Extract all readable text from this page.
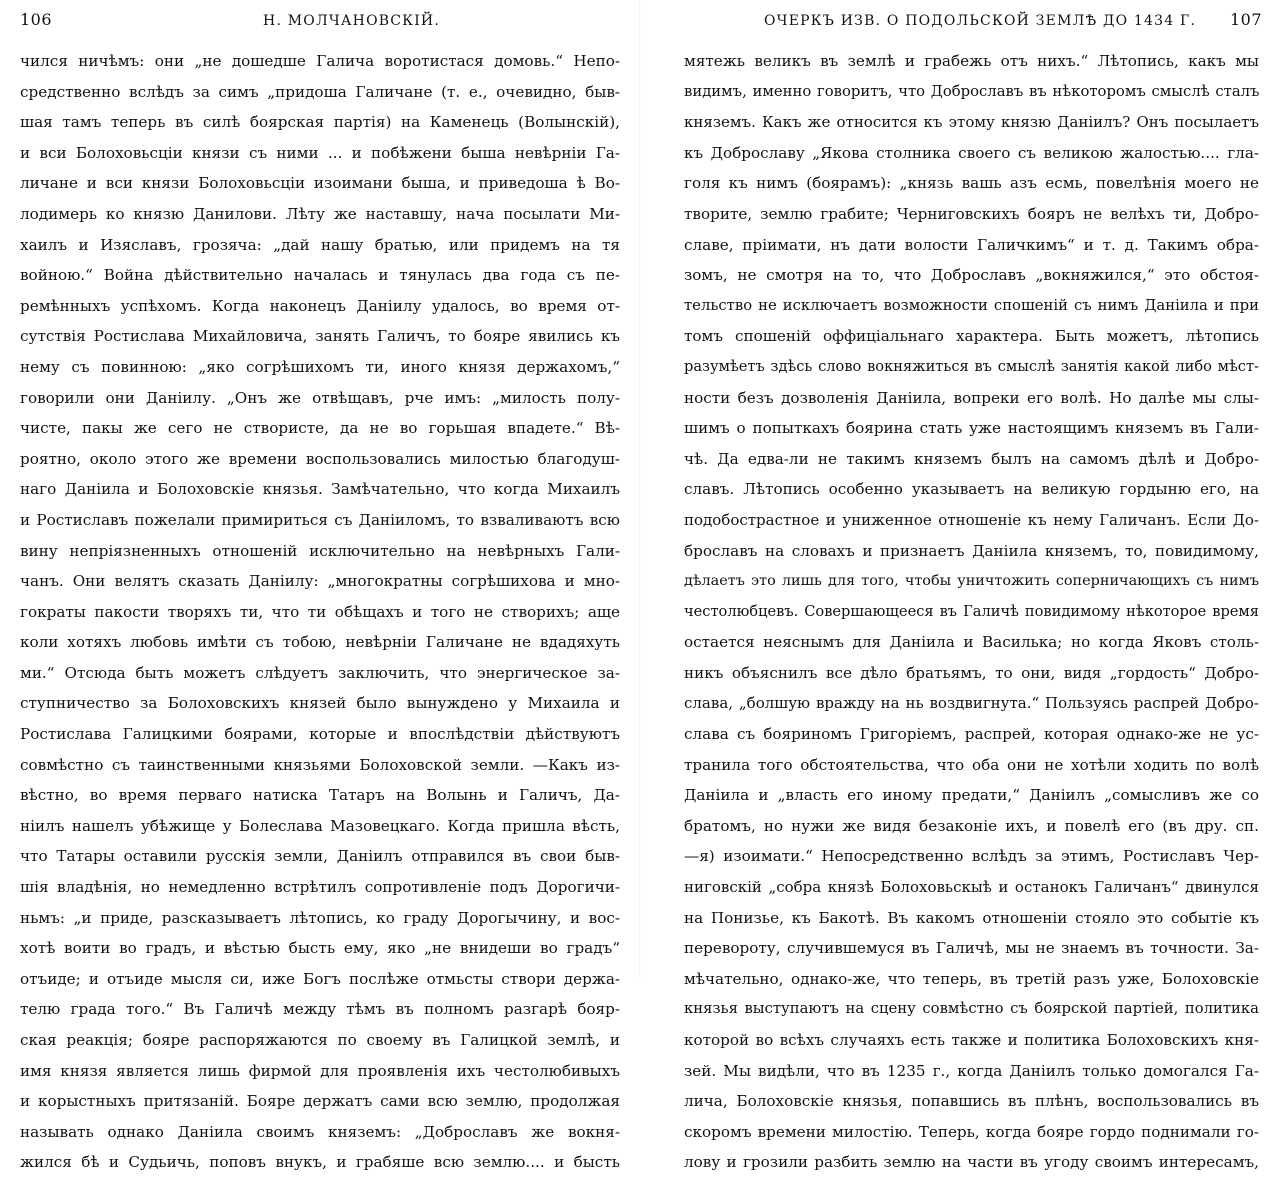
106	Н. МОЛЧАНОВСКІЙ.
чился ничѣмъ: они „не дошедше Галича воротистася домовь.“ Непо-
средственно вслѣдъ за симъ „придоша Галичане (т. е., очевидно, быв-
шая тамъ теперь въ силѣ боярская партія) на Каменець (Волынскій),
и вси Болоховьсціи князи съ ними ... и побѣжени быша невѣрніи Га-
личане и вси князи Болоховьсціи изоимани быша, и приведоша ѣ Во-
лодимерь ко князю Данилови. Лѣту же наставшу, нача посылати Ми-
хаилъ и Изяславъ, грозяча: „дай нашу братью, или придемъ на тя
войною.“ Война дѣйствительно началась и тянулась два года съ пе-
ремѣнныхъ успѣхомъ. Когда наконецъ Даніилу удалось, во время от-
сутствія Ростислава Михайловича, занять Галичъ, то бояре явились къ
нему съ повинною: „яко согрѣшихомъ ти, иного князя держахомъ,“
говорили они Даніилу. „Онъ же отвѣщавъ, рче имъ: „милость полу-
чисте, пакы же сего не створисте, да не во горьшая впадете.“ Вѣ-
роятно, около этого же времени воспользовались милостью благодуш-
наго Даніила и Болоховскіе князья. Замѣчательно, что когда Михаилъ
и Ростиславъ пожелали примириться съ Даніиломъ, то взваливаютъ всю
вину непріязненныхъ отношеній исключительно на невѣрныхъ Гали-
чанъ. Они велятъ сказать Даніилу: „многократны согрѣшихова и мно-
гократы пакости творяхъ ти, что ти обѣщахъ и того не створихъ; аще
коли хотяхъ любовь имѣти съ тобою, невѣрніи Галичане не вдадяхуть
ми.“ Отсюда быть можетъ слѣдуетъ заключить, что энергическое за-
ступничество за Болоховскихъ князей было вынуждено у Михаила и
Ростислава Галицкими боярами, которые и впослѣдствіи дѣйствуютъ
совмѣстно съ таинственными князьями Болоховской земли. —Какъ из-
вѣстно, во время перваго натиска Татаръ на Волынь и Галичъ, Да-
ніилъ нашелъ убѣжище у Болеслава Мазовецкаго. Когда пришла вѣсть,
что Татары оставили русскія земли, Даніилъ отправился въ свои быв-
шія владѣнія, но немедленно встрѣтилъ сопротивленіе подъ Дорогичи-
ньмъ: „и приде, разсказываетъ лѣтопись, ко граду Дорогычину, и вос-
хотѣ воити во градъ, и вѣстью бысть ему, яко „не внидеши во градъ“
отъиде; и отъиде мысля си, иже Богъ послѣже отмьсты створи держа-
телю града того.“ Въ Галичѣ между тѣмъ въ полномъ разгарѣ бояр-
ская реакція; бояре распоряжаются по своему въ Галицкой землѣ, и
имя князя является лишь фирмой для проявленія ихъ честолюбивыхъ
и корыстныхъ притязаній. Бояре держатъ сами всю землю, продолжая
называть однако Даніила своимъ княземъ: „Доброславъ же вокня-
жился бѣ и Судьичь, поповъ внукъ, и грабяше всю землю.... и бысть
ОЧЕРКЪ ИЗВ. О ПОДОЛЬСКОЙ ЗЕМЛѢ ДО 1434 Г. 107
мятежь великъ въ землѣ и грабежь отъ нихъ.“ Лѣтопись, какъ мы
видимъ, именно говоритъ, что Доброславъ въ нѣкоторомъ смыслѣ сталъ
княземъ. Какъ же относится къ этому князю Даніилъ? Онъ посылаетъ
къ Доброславу „Якова столника своего съ великою жалостью.... гла-
голя къ нимъ (боярамъ): „князь вашь азъ есмь, повелѣнія моего не
творите, землю грабите; Черниговскихъ бояръ не велѣхъ ти, Добро-
славе, пріимати, нъ дати волости Галичкимъ“ и т. д. Такимъ обра-
зомъ, не смотря на то, что Доброславъ „вокняжился,“ это обстоя-
тельство не исключаетъ возможности спошеній съ нимъ Даніила и при
томъ спошеній оффиціальнаго характера. Быть можетъ, лѣтопись
разумѣетъ здѣсь слово вокняжиться въ смыслѣ занятія какой либо мѣст-
ности безъ дозволенія Даніила, вопреки его волѣ. Но далѣе мы слы-
шимъ о попыткахъ боярина стать уже настоящимъ княземъ въ Гали-
чѣ. Да едва-ли не такимъ княземъ былъ на самомъ дѣлѣ и Добро-
славъ. Лѣтопись особенно указываетъ на великую гордыню его, на
подобострастное и униженное отношеніе къ нему Галичанъ. Если До-
брославъ на словахъ и признаетъ Даніила княземъ, то, повидимому,
дѣлаетъ это лишь для того, чтобы уничтожить соперничающихъ съ нимъ
честолюбцевъ. Совершающееся въ Галичѣ повидимому нѣкоторое время
остается неяснымъ для Даніила и Василька; но когда Яковъ столь-
никъ объяснилъ все дѣло братьямъ, то они, видя „гордость“ Добро-
слава, „болшую вражду на нь воздвигнута.“ Пользуясь распрей Добро-
слава съ бояриномъ Григоріемъ, распрей, которая однако-же не ус-
транила того обстоятельства, что оба они не хотѣли ходить по волѣ
Даніила и „власть его иному предати,“ Даніилъ „сомысливъ же со
братомъ, но нужи же видя безаконіе ихъ, и повелѣ его (въ дру. сп.
—я) изоимати.“ Непосредственно вслѣдъ за этимъ, Ростиславъ Чер-
ниговскій „собра князѣ Болоховьскыѣ и останокъ Галичанъ“ двинулся
на Понизье, къ Бакотѣ. Въ какомъ отношеніи стояло это событіе къ
перевороту, случившемуся въ Галичѣ, мы не знаемъ въ точности. За-
мѣчательно, однако-же, что теперь, въ третій разъ уже, Болоховскіе
князья выступаютъ на сцену совмѣстно съ боярской партіей, политика
которой во всѣхъ случаяхъ есть также и политика Болоховскихъ кня-
зей. Мы видѣли, что въ 1235 г., когда Даніилъ только домогался Га-
лича, Болоховскіе князья, попавшись въ плѣнъ, воспользовались въ
скоромъ времени милостію. Теперь, когда бояре гордо поднимали го-
лову и грозили разбить землю на части въ угоду своимъ интересамъ,
